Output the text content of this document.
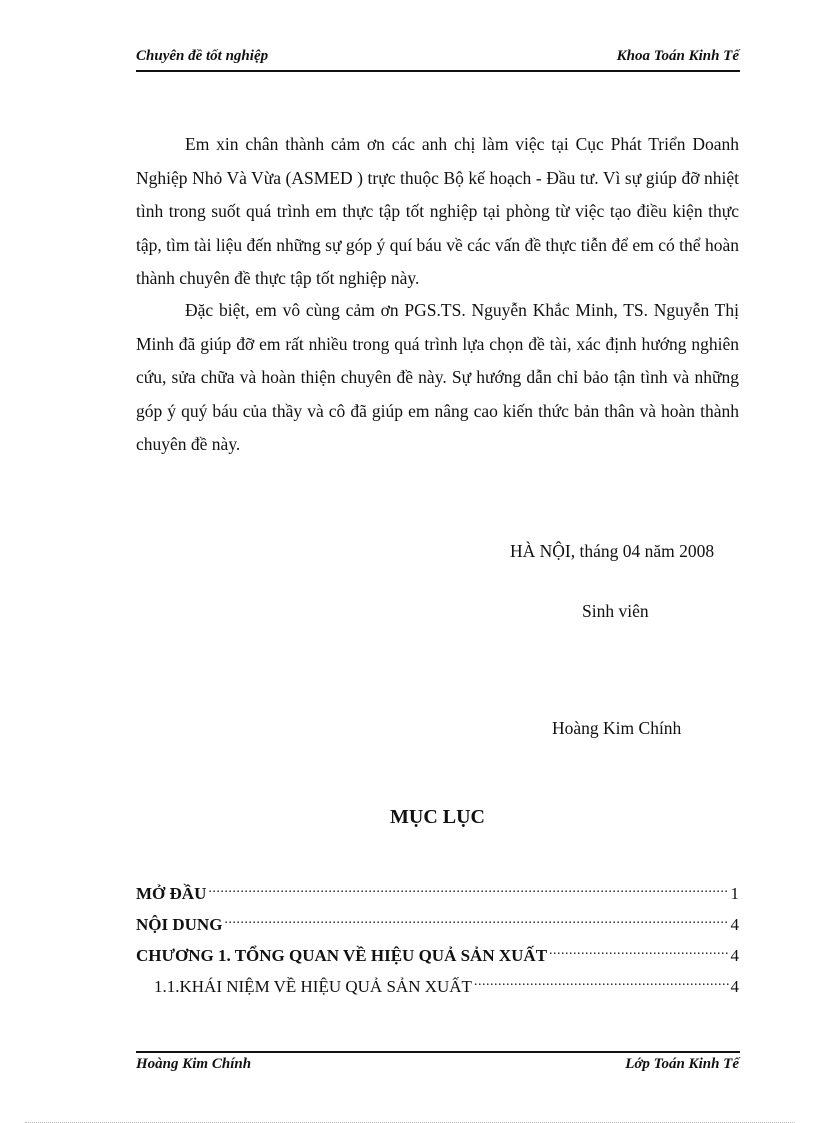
Chuyên đề tốt nghiệp	Khoa Toán Kinh Tế

Em xin chân thành cảm ơn các anh chị làm việc tại Cục Phát Triển Doanh Nghiệp Nhỏ Và Vừa (ASMED ) trực thuộc Bộ kế hoạch - Đầu tư. Vì sự giúp đỡ nhiệt tình trong suốt quá trình em thực tập tốt nghiệp tại phòng từ việc tạo điều kiện thực tập, tìm tài liệu đến những sự góp ý quí báu về các vấn đề thực tiễn để em có thể hoàn thành chuyên đề thực tập tốt nghiệp này.

Đặc biệt, em vô cùng cảm ơn PGS.TS. Nguyễn Khắc Minh, TS. Nguyễn Thị Minh đã giúp đỡ em rất nhiều trong quá trình lựa chọn đề tài, xác định hướng nghiên cứu, sửa chữa và hoàn thiện chuyên đề này. Sự hướng dẫn chỉ bảo tận tình và những góp ý quý báu của thầy và cô đã giúp em nâng cao kiến thức bản thân và hoàn thành chuyên đề này.

HÀ NỘI, tháng 04 năm 2008
Sinh viên
Hoàng Kim Chính
MỤC LỤC
MỞ ĐẦU .....	1
NỘI DUNG .....	4
CHƯƠNG 1. TỔNG QUAN VỀ HIỆU QUẢ SẢN XUẤT .....	4
1.1.KHÁI NIỆM VỀ HIỆU QUẢ SẢN XUẤT .....	4
Hoàng Kim Chính	Lớp Toán Kinh Tế
